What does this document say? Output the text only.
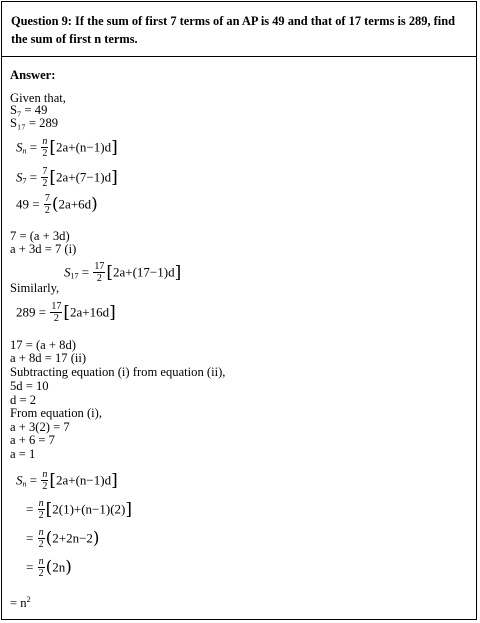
Question 9: If the sum of first 7 terms of an AP is 49 and that of 17 terms is 289, find the sum of first n terms.
Answer:
Given that,
S₇ = 49
S₁₇ = 289
$S_n = \frac{n}{2} [2a+(n-1)d]$
$S_7 = \frac{7}{2} [2a+(7-1)d]$
$49 = \frac{7}{2} (2a+6d)$
7 = (a + 3d)
a + 3d = 7 (i)
$S_{17} = \frac{17}{2} [2a+(17-1)d]$
Similarly,
$289 = \frac{17}{2} [2a+16d]$
17 = (a + 8d)
a + 8d = 17 (ii)
Subtracting equation (i) from equation (ii),
5d = 10
d = 2
From equation (i),
a + 3(2) = 7
a + 6 = 7
a = 1
$S_n = \frac{n}{2} [2a+(n-1)d]$
= $\frac{n}{2} [2(1)+(n-1)(2)]$
= $\frac{n}{2} (2+2n-2)$
= $\frac{n}{2} (2n)$
= $n^2$
